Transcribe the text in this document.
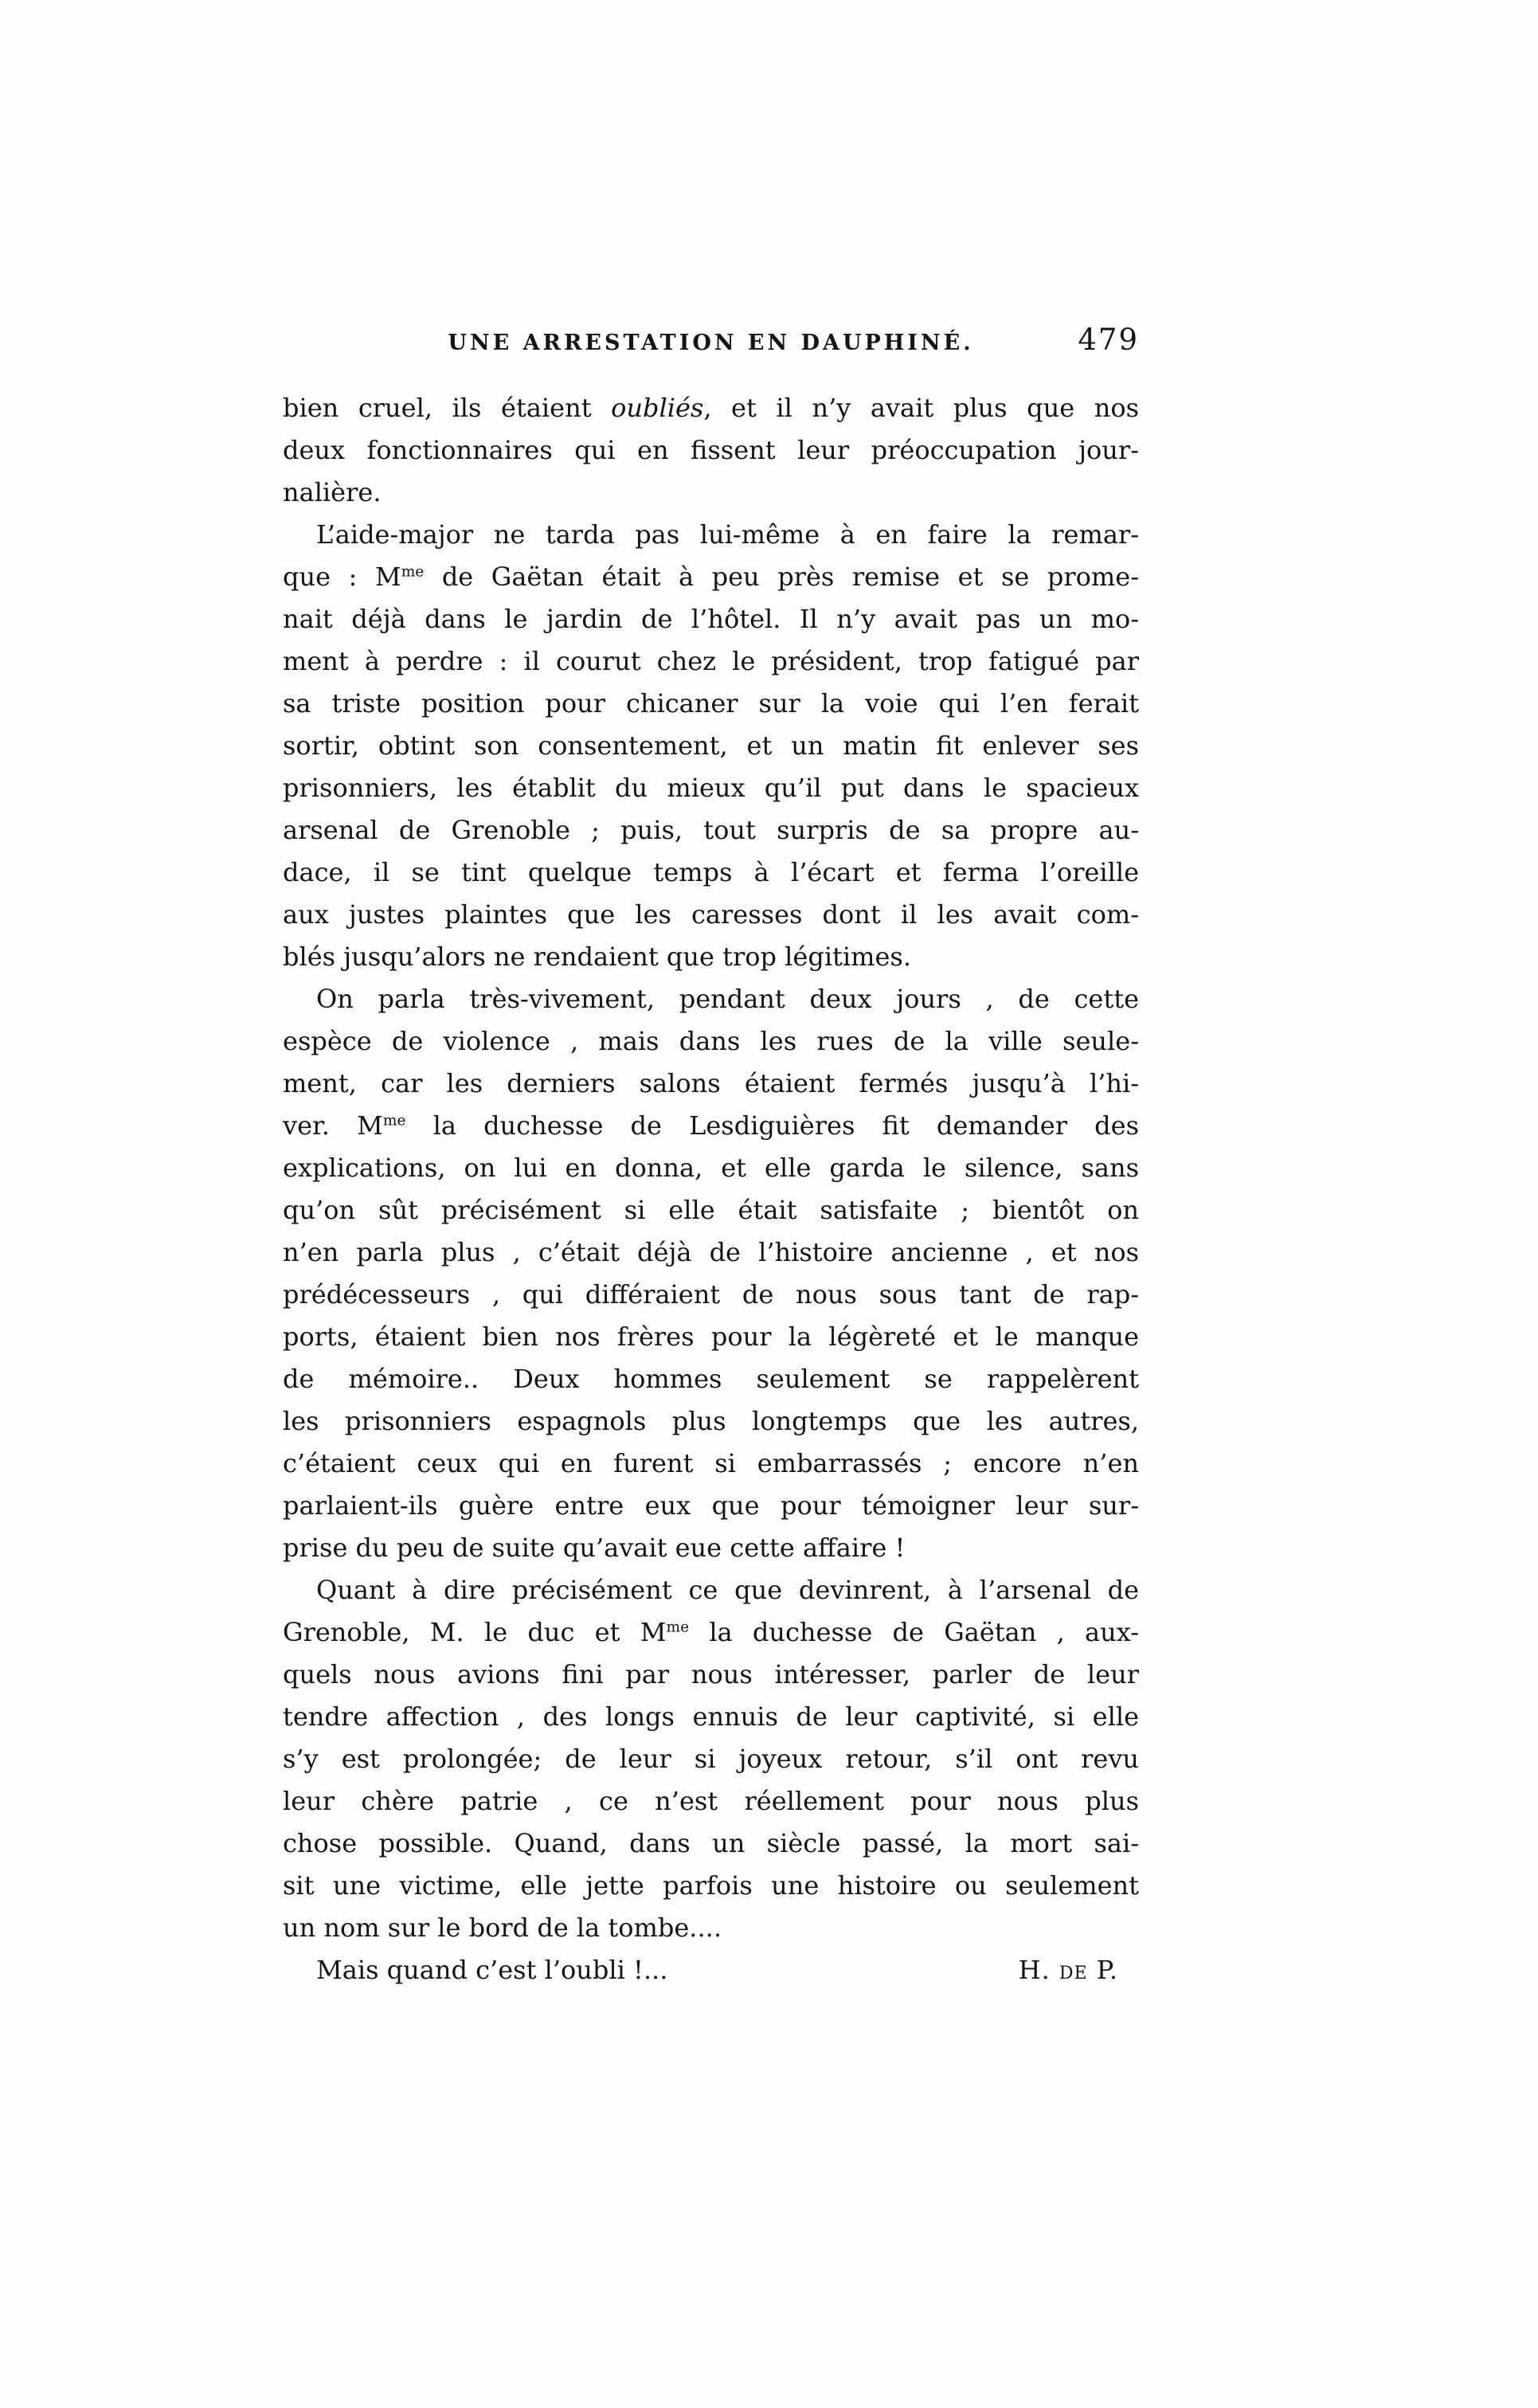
UNE ARRESTATION EN DAUPHINÉ.	479
bien cruel, ils étaient oubliés, et il n’y avait plus que nos
deux fonctionnaires qui en fissent leur préoccupation jour-
nalière.
L’aide-major ne tarda pas lui-même à en faire la remar-
que : $M^{me}$ de Gaëtan était à peu près remise et se prome-
nait déjà dans le jardin de l’hôtel. Il n’y avait pas un mo-
ment à perdre : il courut chez le président, trop fatigué par
sa triste position pour chicaner sur la voie qui l’en ferait
sortir, obtint son consentement, et un matin fit enlever ses
prisonniers, les établit du mieux qu’il put dans le spacieux
arsenal de Grenoble ; puis, tout surpris de sa propre au-
dace, il se tint quelque temps à l’écart et ferma l’oreille
aux justes plaintes que les caresses dont il les avait com-
blés jusqu’alors ne rendaient que trop légitimes.
On parla très-vivement, pendant deux jours , de cette
espèce de violence , mais dans les rues de la ville seule-
ment, car les derniers salons étaient fermés jusqu’à l’hi-
ver. $M^{me}$ la duchesse de Lesdiguières fit demander des
explications, on lui en donna, et elle garda le silence, sans
qu’on sût précisément si elle était satisfaite ; bientôt on
n’en parla plus , c’était déjà de l’histoire ancienne , et nos
prédécesseurs , qui différaient de nous sous tant de rap-
ports, étaient bien nos frères pour la légèreté et le manque
de mémoire.. Deux hommes seulement se rappelèrent
les prisonniers espagnols plus longtemps que les autres,
c’étaient ceux qui en furent si embarrassés ; encore n’en
parlaient-ils guère entre eux que pour témoigner leur sur-
prise du peu de suite qu’avait eue cette affaire !
Quant à dire précisément ce que devinrent, à l’arsenal de
Grenoble, M. le duc et $M^{me}$ la duchesse de Gaëtan , aux-
quels nous avions fini par nous intéresser, parler de leur
tendre affection , des longs ennuis de leur captivité, si elle
s’y est prolongée; de leur si joyeux retour, s’il ont revu
leur chère patrie , ce n’est réellement pour nous plus
chose possible. Quand, dans un siècle passé, la mort sai-
sit une victime, elle jette parfois une histoire ou seulement
un nom sur le bord de la tombe....
Mais quand c’est l’oubli !...	H. de P.
